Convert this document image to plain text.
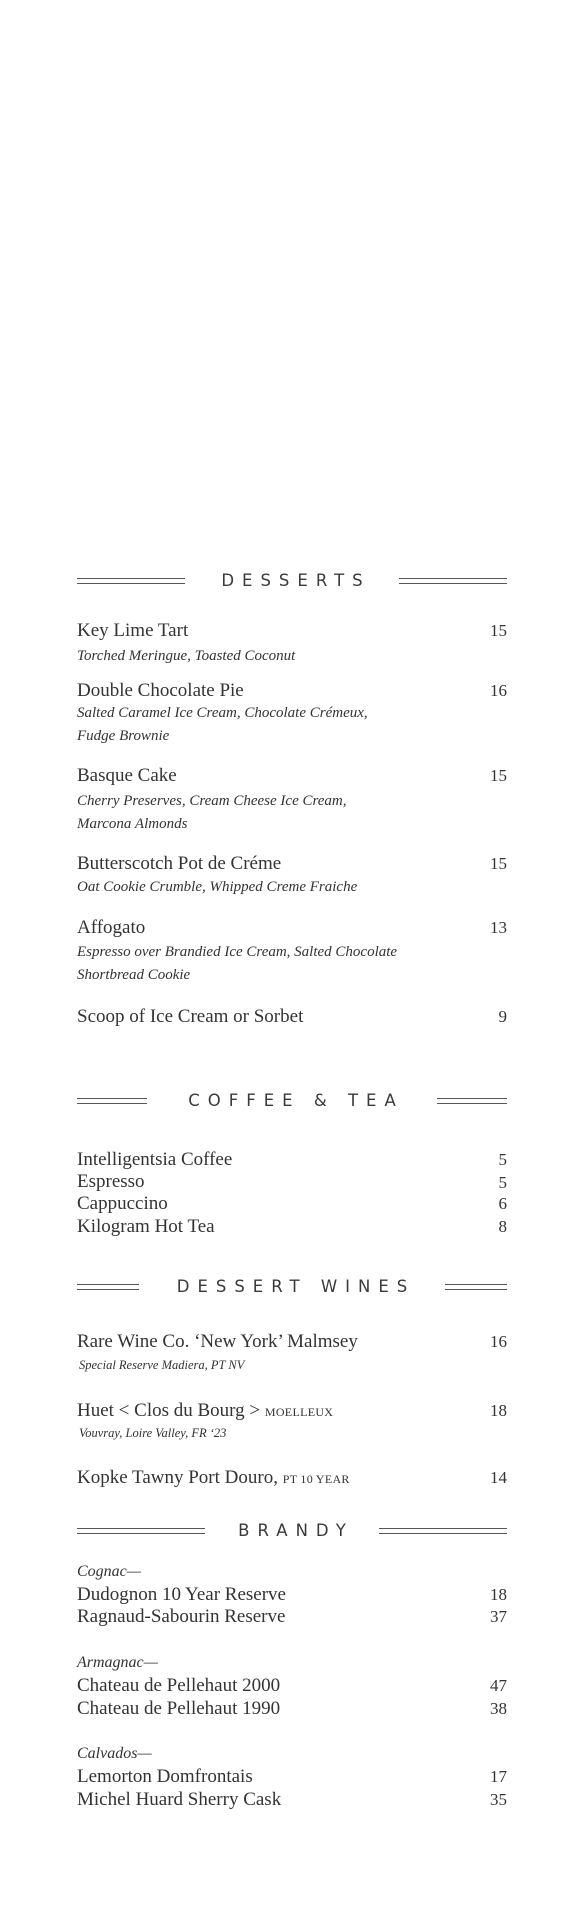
DESSERTS
Key Lime Tart	15
Torched Meringue, Toasted Coconut
Double Chocolate Pie	16
Salted Caramel Ice Cream, Chocolate Crémeux,
Fudge Brownie
Basque Cake	15
Cherry Preserves, Cream Cheese Ice Cream,
Marcona Almonds
Butterscotch Pot de Créme	15
Oat Cookie Crumble, Whipped Creme Fraiche
Affogato	13
Espresso over Brandied Ice Cream, Salted Chocolate
Shortbread Cookie
Scoop of Ice Cream or Sorbet	9
COFFEE & TEA
Intelligentsia Coffee	5
Espresso	5
Cappuccino	6
Kilogram Hot Tea	8
DESSERT WINES
Rare Wine Co. ‘New York’ Malmsey	16
Special Reserve Madiera, PT NV
Huet < Clos du Bourg > MOELLEUX	18
Vouvray, Loire Valley, FR ‘23
Kopke Tawny Port Douro, PT 10 YEAR	14
BRANDY
Cognac—
Dudognon 10 Year Reserve	18
Ragnaud-Sabourin Reserve	37
Armagnac—
Chateau de Pellehaut 2000	47
Chateau de Pellehaut 1990	38
Calvados—
Lemorton Domfrontais	17
Michel Huard Sherry Cask	35
